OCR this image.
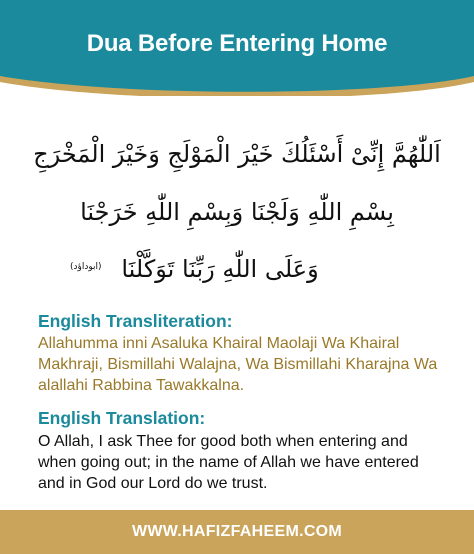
Dua Before Entering Home
اَللّٰهُمَّ إِنِّىْ أَسْئَلُكَ خَيْرَ الْمَوْلَجِ وَخَيْرَ الْمَخْرَجِ
بِسْمِ اللّٰهِ وَلَجْنَا وَبِسْمِ اللّٰهِ خَرَجْنَا
وَعَلَى اللّٰهِ رَبِّنَا تَوَكَّلْنَا
(ابوداؤد)
English Transliteration:
Allahumma inni Asaluka Khairal Maolaji Wa Khairal Makhraji, Bismillahi Walajna, Wa Bismillahi Kharajna Wa alallahi Rabbina Tawakkalna.
English Translation:
O Allah, I ask Thee for good both when entering and when going out; in the name of Allah we have entered and in God our Lord do we trust.
WWW.HAFIZFAHEEM.COM
